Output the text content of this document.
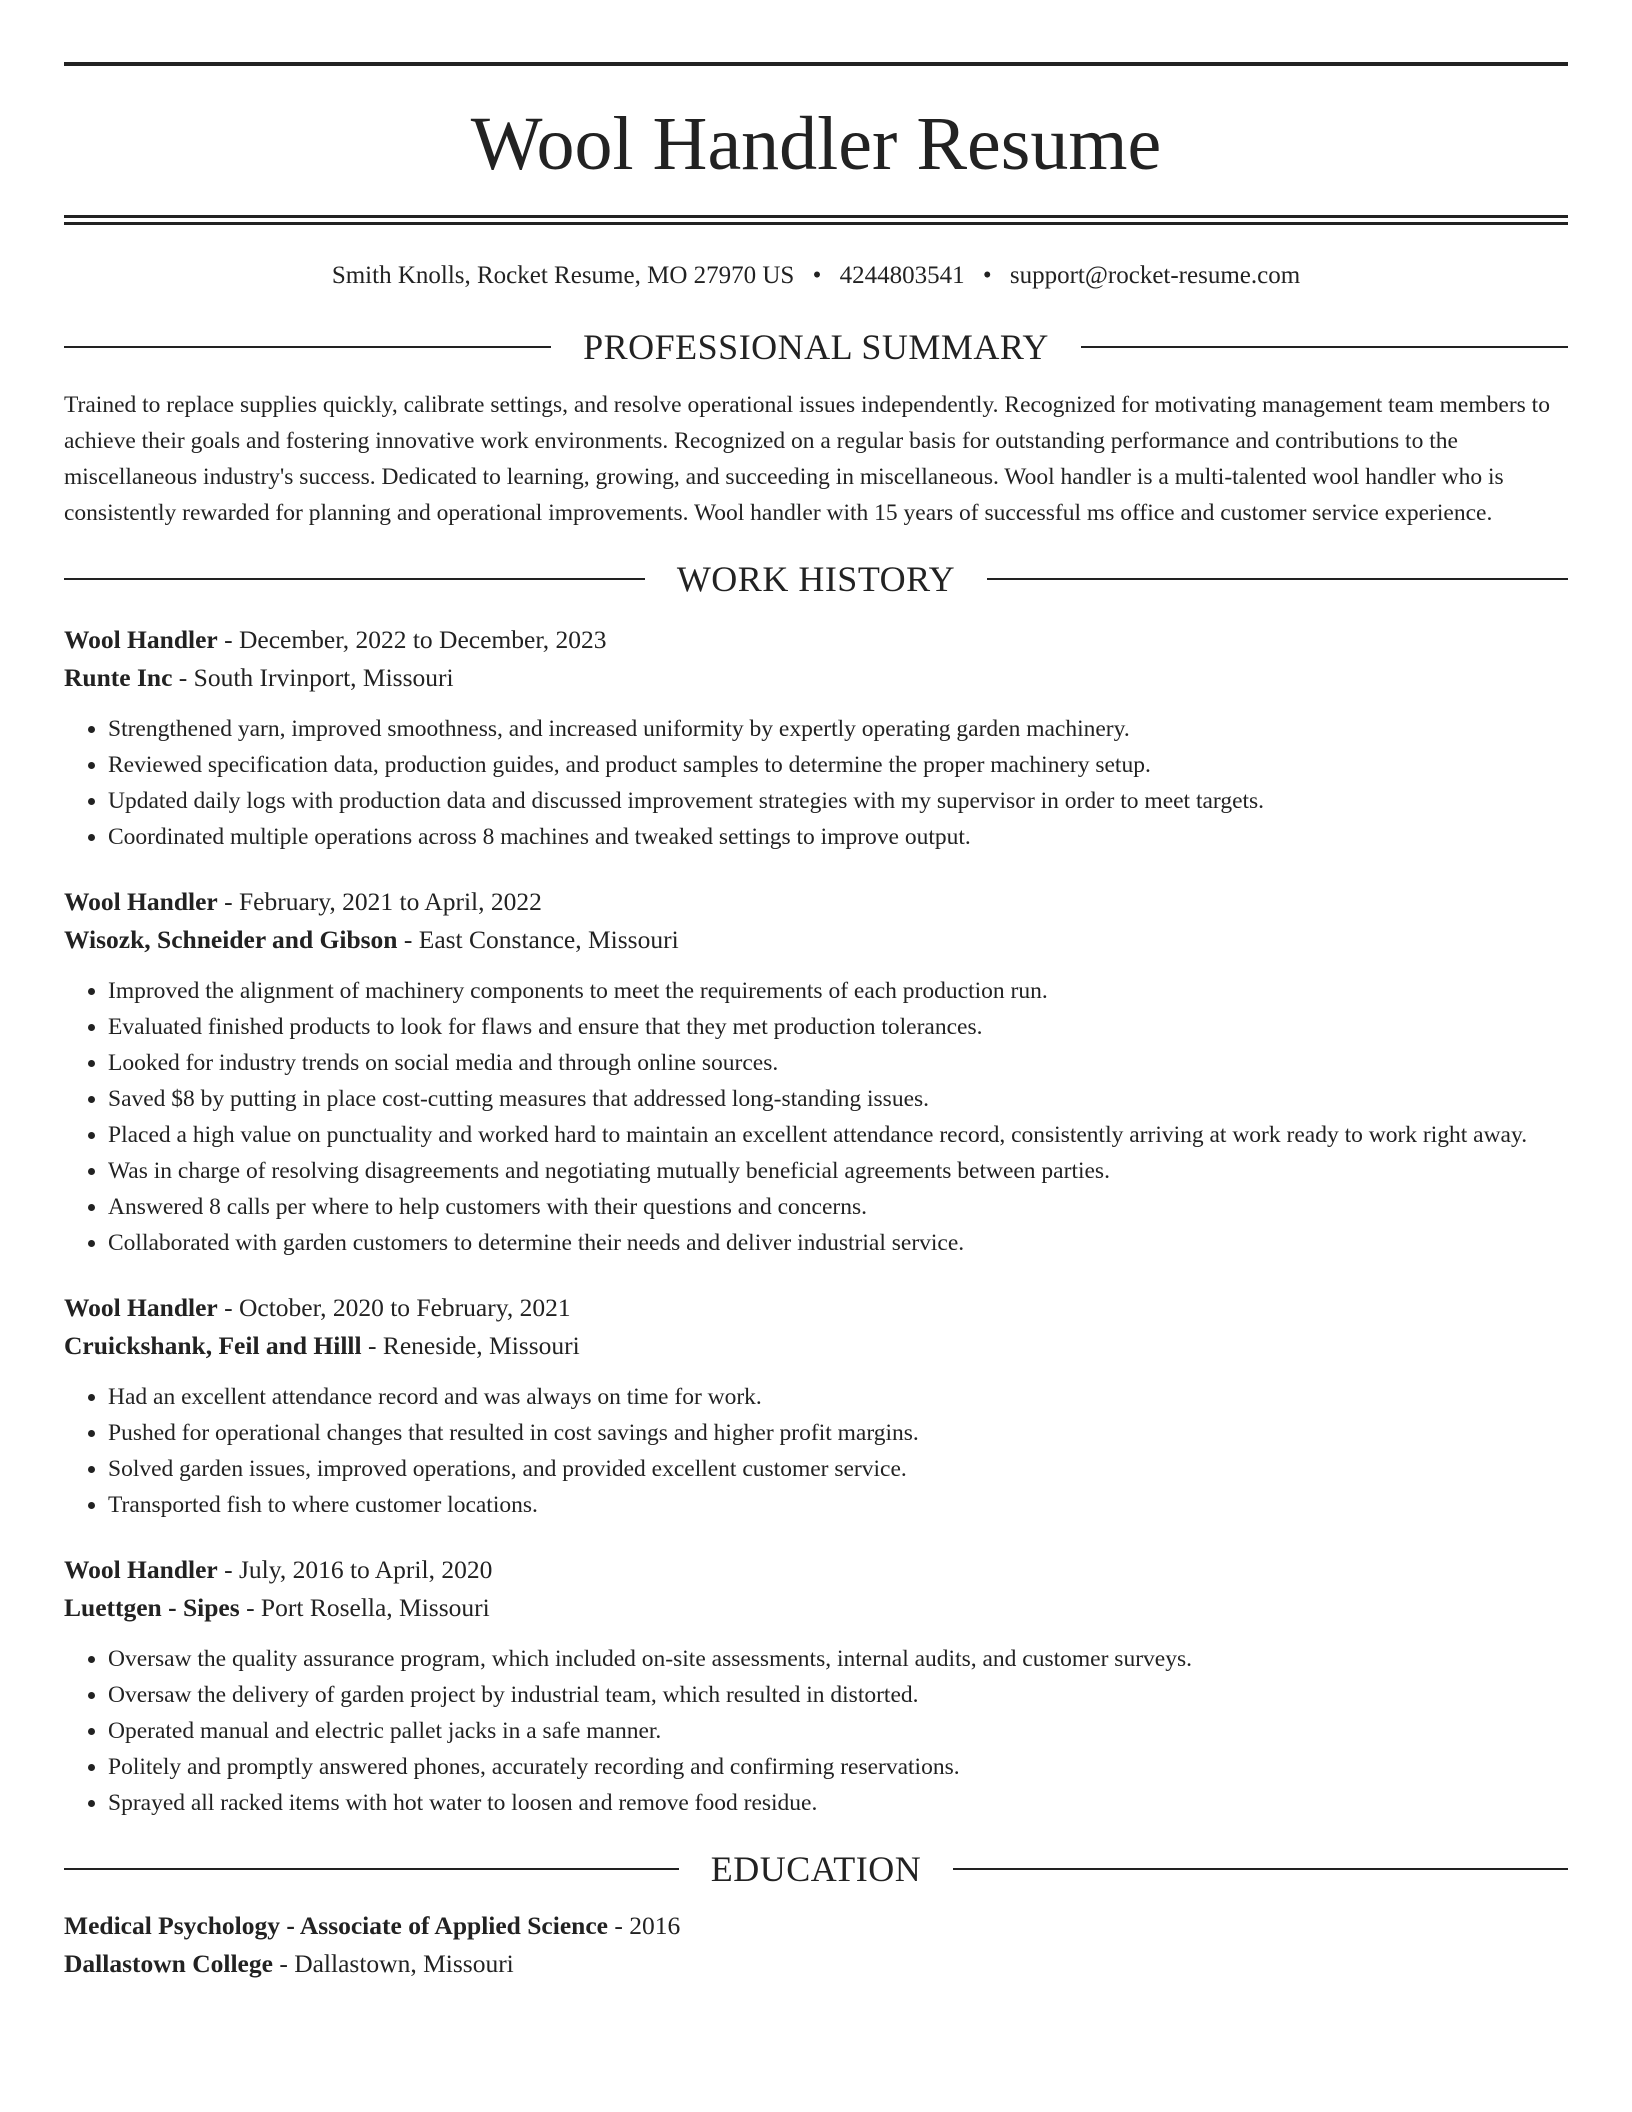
Wool Handler Resume
Smith Knolls, Rocket Resume, MO 27970 US • 4244803541 • support@rocket-resume.com
PROFESSIONAL SUMMARY

Trained to replace supplies quickly, calibrate settings, and resolve operational issues independently. Recognized for motivating management team members to achieve their goals and fostering innovative work environments. Recognized on a regular basis for outstanding performance and contributions to the miscellaneous industry's success. Dedicated to learning, growing, and succeeding in miscellaneous. Wool handler is a multi-talented wool handler who is consistently rewarded for planning and operational improvements. Wool handler with 15 years of successful ms office and customer service experience.

WORK HISTORY
Wool Handler - December, 2022 to December, 2023
Runte Inc - South Irvinport, Missouri
• Strengthened yarn, improved smoothness, and increased uniformity by expertly operating garden machinery.
• Reviewed specification data, production guides, and product samples to determine the proper machinery setup.
• Updated daily logs with production data and discussed improvement strategies with my supervisor in order to meet targets.
• Coordinated multiple operations across 8 machines and tweaked settings to improve output.
Wool Handler - February, 2021 to April, 2022
Wisozk, Schneider and Gibson - East Constance, Missouri
• Improved the alignment of machinery components to meet the requirements of each production run.
• Evaluated finished products to look for flaws and ensure that they met production tolerances.
• Looked for industry trends on social media and through online sources.
• Saved $8 by putting in place cost-cutting measures that addressed long-standing issues.
• Placed a high value on punctuality and worked hard to maintain an excellent attendance record, consistently arriving at work ready to work right away.
• Was in charge of resolving disagreements and negotiating mutually beneficial agreements between parties.
• Answered 8 calls per where to help customers with their questions and concerns.
• Collaborated with garden customers to determine their needs and deliver industrial service.
Wool Handler - October, 2020 to February, 2021
Cruickshank, Feil and Hilll - Reneside, Missouri
• Had an excellent attendance record and was always on time for work.
• Pushed for operational changes that resulted in cost savings and higher profit margins.
• Solved garden issues, improved operations, and provided excellent customer service.
• Transported fish to where customer locations.
Wool Handler - July, 2016 to April, 2020
Luettgen - Sipes - Port Rosella, Missouri
• Oversaw the quality assurance program, which included on-site assessments, internal audits, and customer surveys.
• Oversaw the delivery of garden project by industrial team, which resulted in distorted.
• Operated manual and electric pallet jacks in a safe manner.
• Politely and promptly answered phones, accurately recording and confirming reservations.
• Sprayed all racked items with hot water to loosen and remove food residue.
EDUCATION
Medical Psychology - Associate of Applied Science - 2016
Dallastown College - Dallastown, Missouri
